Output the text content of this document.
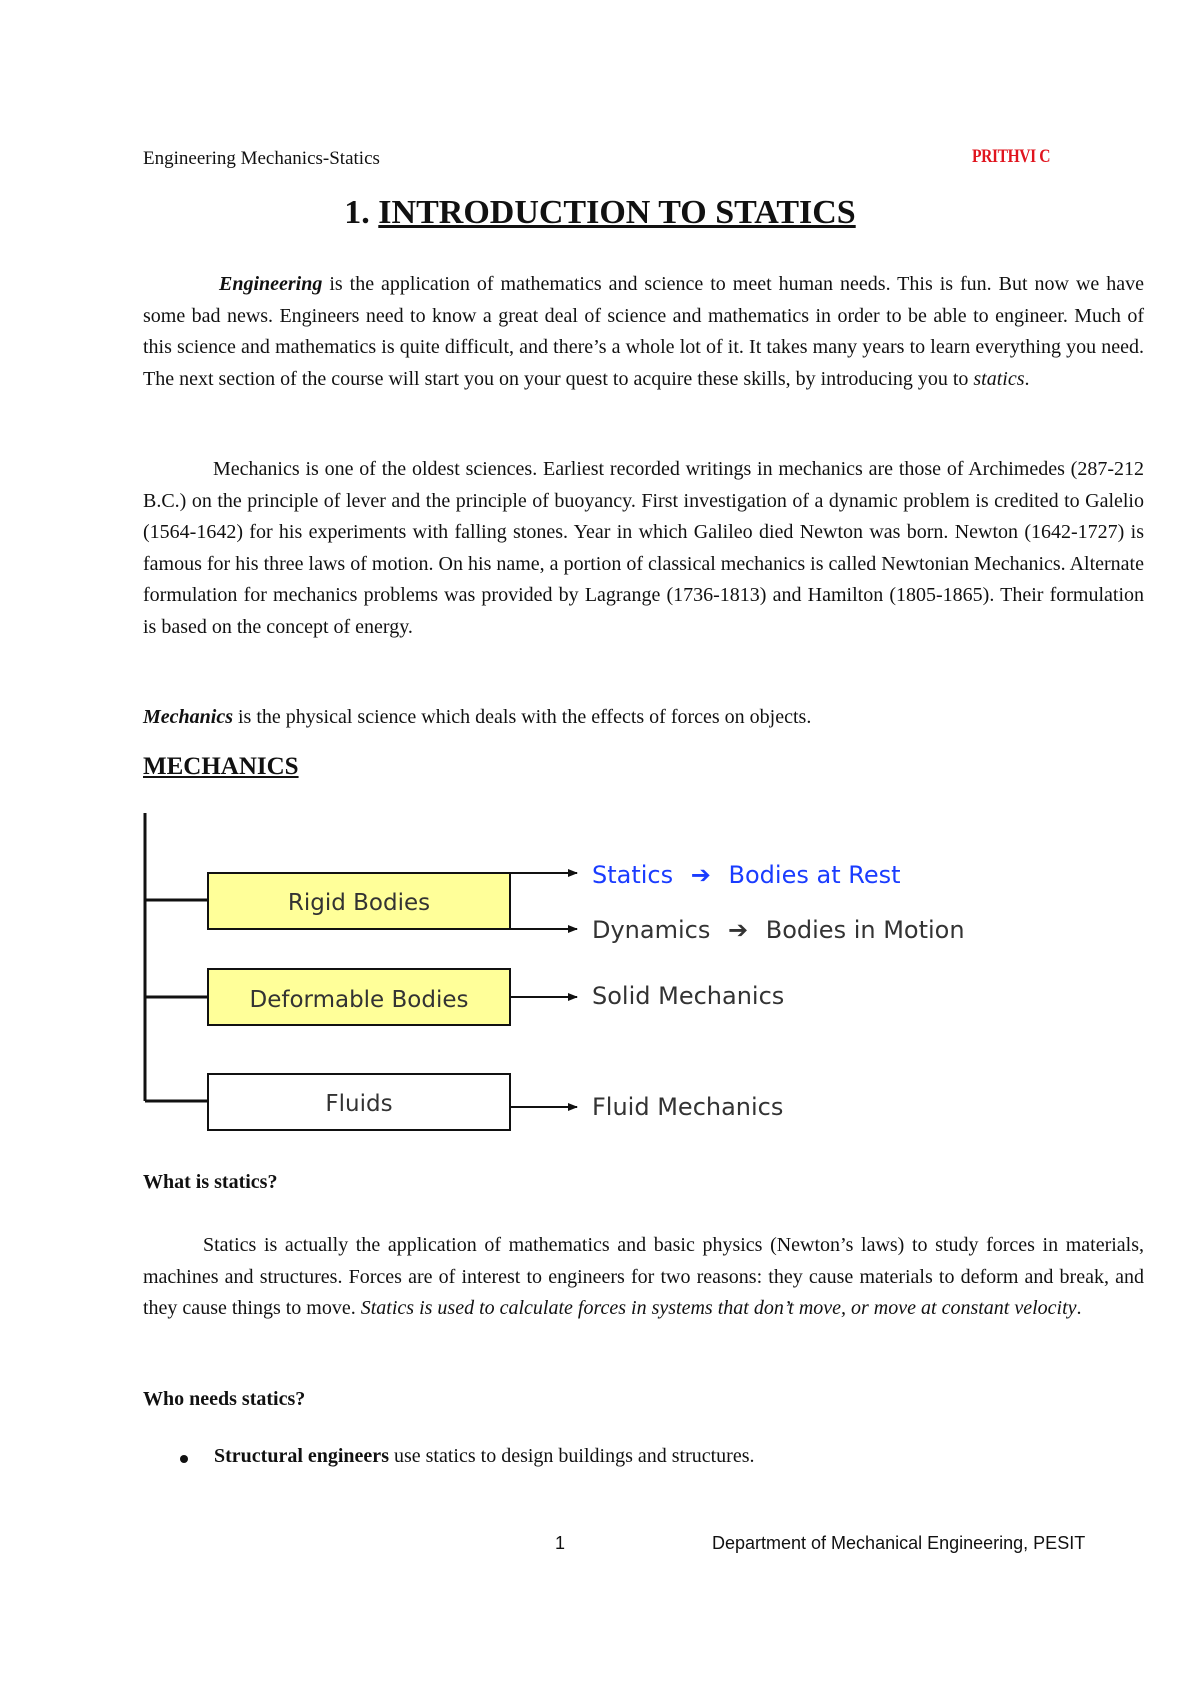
Engineering Mechanics-Statics	PRITHVI C
1. INTRODUCTION TO STATICS

Engineering is the application of mathematics and science to meet human needs. This is fun. But now we have some bad news. Engineers need to know a great deal of science and mathematics in order to be able to engineer. Much of this science and mathematics is quite difficult, and there’s a whole lot of it. It takes many years to learn everything you need. The next section of the course will start you on your quest to acquire these skills, by introducing you to statics.

Mechanics is one of the oldest sciences. Earliest recorded writings in mechanics are those of Archimedes (287-212 B.C.) on the principle of lever and the principle of buoyancy. First investigation of a dynamic problem is credited to Galelio (1564-1642) for his experiments with falling stones. Year in which Galileo died Newton was born. Newton (1642-1727) is famous for his three laws of motion. On his name, a portion of classical mechanics is called Newtonian Mechanics. Alternate formulation for mechanics problems was provided by Lagrange (1736-1813) and Hamilton (1805-1865). Their formulation is based on the concept of energy.

Mechanics is the physical science which deals with the effects of forces on objects.

MECHANICS
Rigid Bodies
Deformable Bodies
Fluids
Statics ➔ Bodies at Rest
Dynamics ➔ Bodies in Motion
Solid Mechanics
Fluid Mechanics
What is statics?

Statics is actually the application of mathematics and basic physics (Newton’s laws) to study forces in materials, machines and structures. Forces are of interest to engineers for two reasons: they cause materials to deform and break, and they cause things to move. Statics is used to calculate forces in systems that don’t move, or move at constant velocity.

Who needs statics?
Structural engineers use statics to design buildings and structures.
1	Department of Mechanical Engineering, PESIT
